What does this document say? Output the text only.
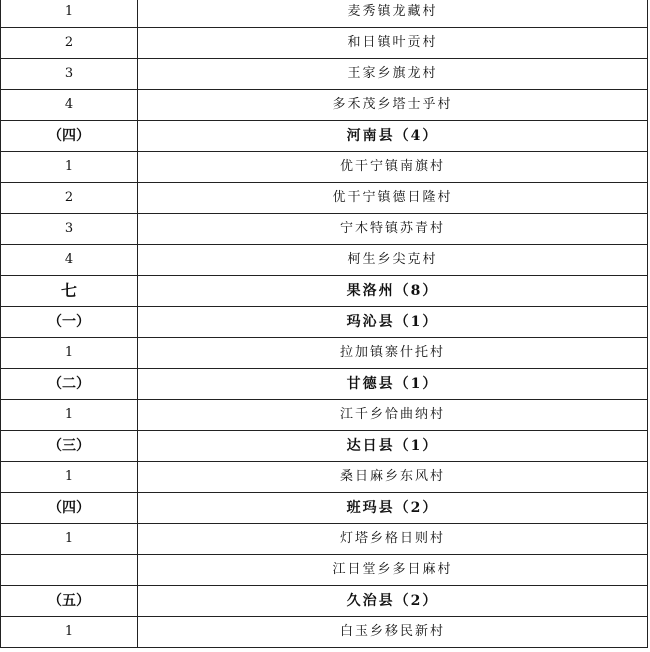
1	麦秀镇龙藏村
2	和日镇叶贡村
3	王家乡旗龙村
4	多禾茂乡塔士乎村
（四）	河南县（4）
1	优干宁镇南旗村
2	优干宁镇德日隆村
3	宁木特镇苏青村
4	柯生乡尖克村
七	果洛州（8）
（一）	玛沁县（1）
1	拉加镇寨什托村
（二）	甘德县（1）
1	江千乡恰曲纳村
（三）	达日县（1）
1	桑日麻乡东风村
（四）	班玛县（2）
1	灯塔乡格日则村
	江日堂乡多日麻村
（五）	久治县（2）
1	白玉乡移民新村
